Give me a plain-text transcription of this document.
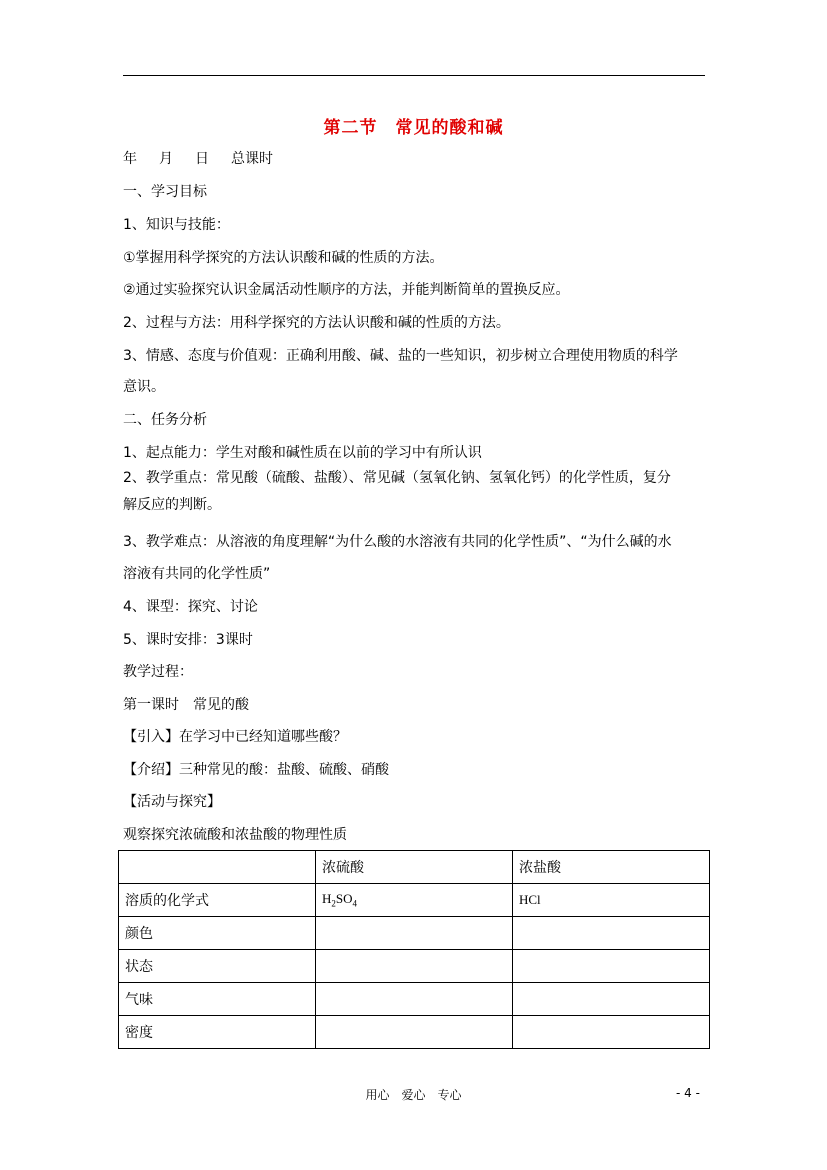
第二节　常见的酸和碱
年 月 日 总课时
一、学习目标
1、知识与技能：
①掌握用科学探究的方法认识酸和碱的性质的方法。
②通过实验探究认识金属活动性顺序的方法，并能判断简单的置换反应。
2、过程与方法：用科学探究的方法认识酸和碱的性质的方法。
3、情感、态度与价值观：正确利用酸、碱、盐的一些知识，初步树立合理使用物质的科学
意识。
二、任务分析
1、起点能力：学生对酸和碱性质在以前的学习中有所认识
2、教学重点：常见酸（硫酸、盐酸）、常见碱（氢氧化钠、氢氧化钙）的化学性质，复分
解反应的判断。
3、教学难点：从溶液的角度理解“为什么酸的水溶液有共同的化学性质”、“为什么碱的水
溶液有共同的化学性质”
4、课型：探究、讨论
5、课时安排：3课时
教学过程：
第一课时　常见的酸
【引入】在学习中已经知道哪些酸？
【介绍】三种常见的酸：盐酸、硫酸、硝酸
【活动与探究】
观察探究浓硫酸和浓盐酸的物理性质
	浓硫酸	浓盐酸
溶质的化学式	$H_2SO_4$	HCl
颜色		
状态		
气味		
密度		
用心　爱心　专心	- 4 -
